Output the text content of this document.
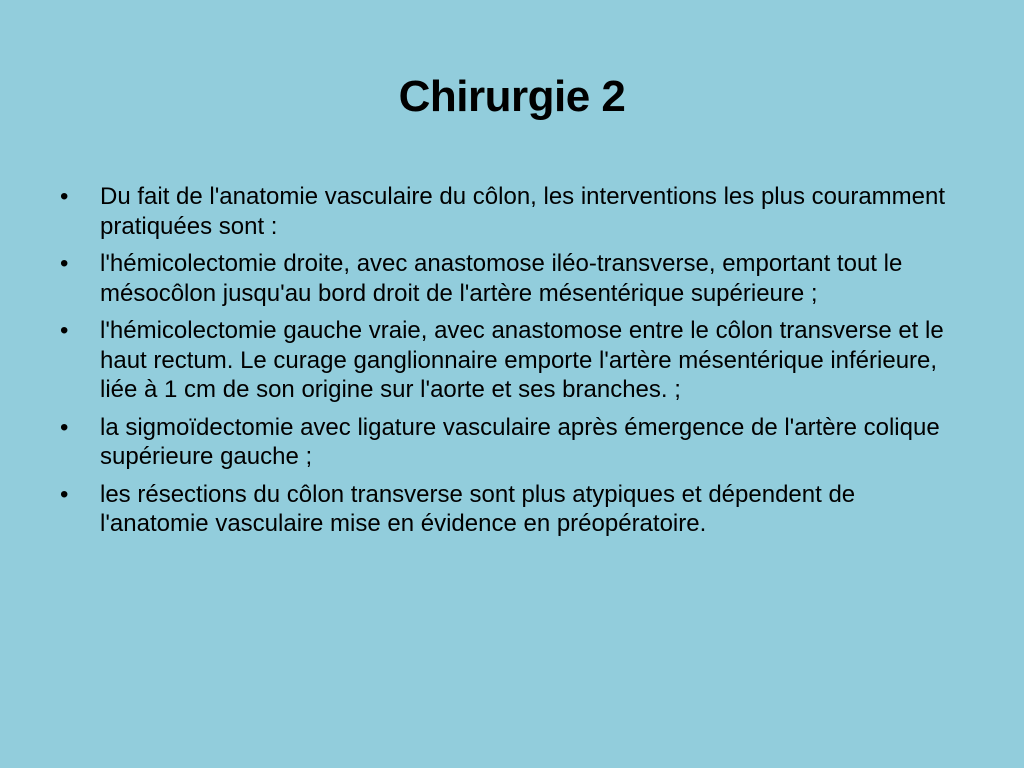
Chirurgie 2
•	Du fait de l'anatomie vasculaire du côlon, les interventions les plus couramment pratiquées sont :
•	l'hémicolectomie droite, avec anastomose iléo-transverse, emportant tout le mésocôlon jusqu'au bord droit de l'artère mésentérique supérieure ;
•	l'hémicolectomie gauche vraie, avec anastomose entre le côlon transverse et le haut rectum. Le curage ganglionnaire emporte l'artère mésentérique inférieure, liée à 1 cm de son origine sur l'aorte et ses branches. ;
•	la sigmoïdectomie avec ligature vasculaire après émergence de l'artère colique supérieure gauche ;
•	les résections du côlon transverse sont plus atypiques et dépendent de l'anatomie vasculaire mise en évidence en préopératoire.
